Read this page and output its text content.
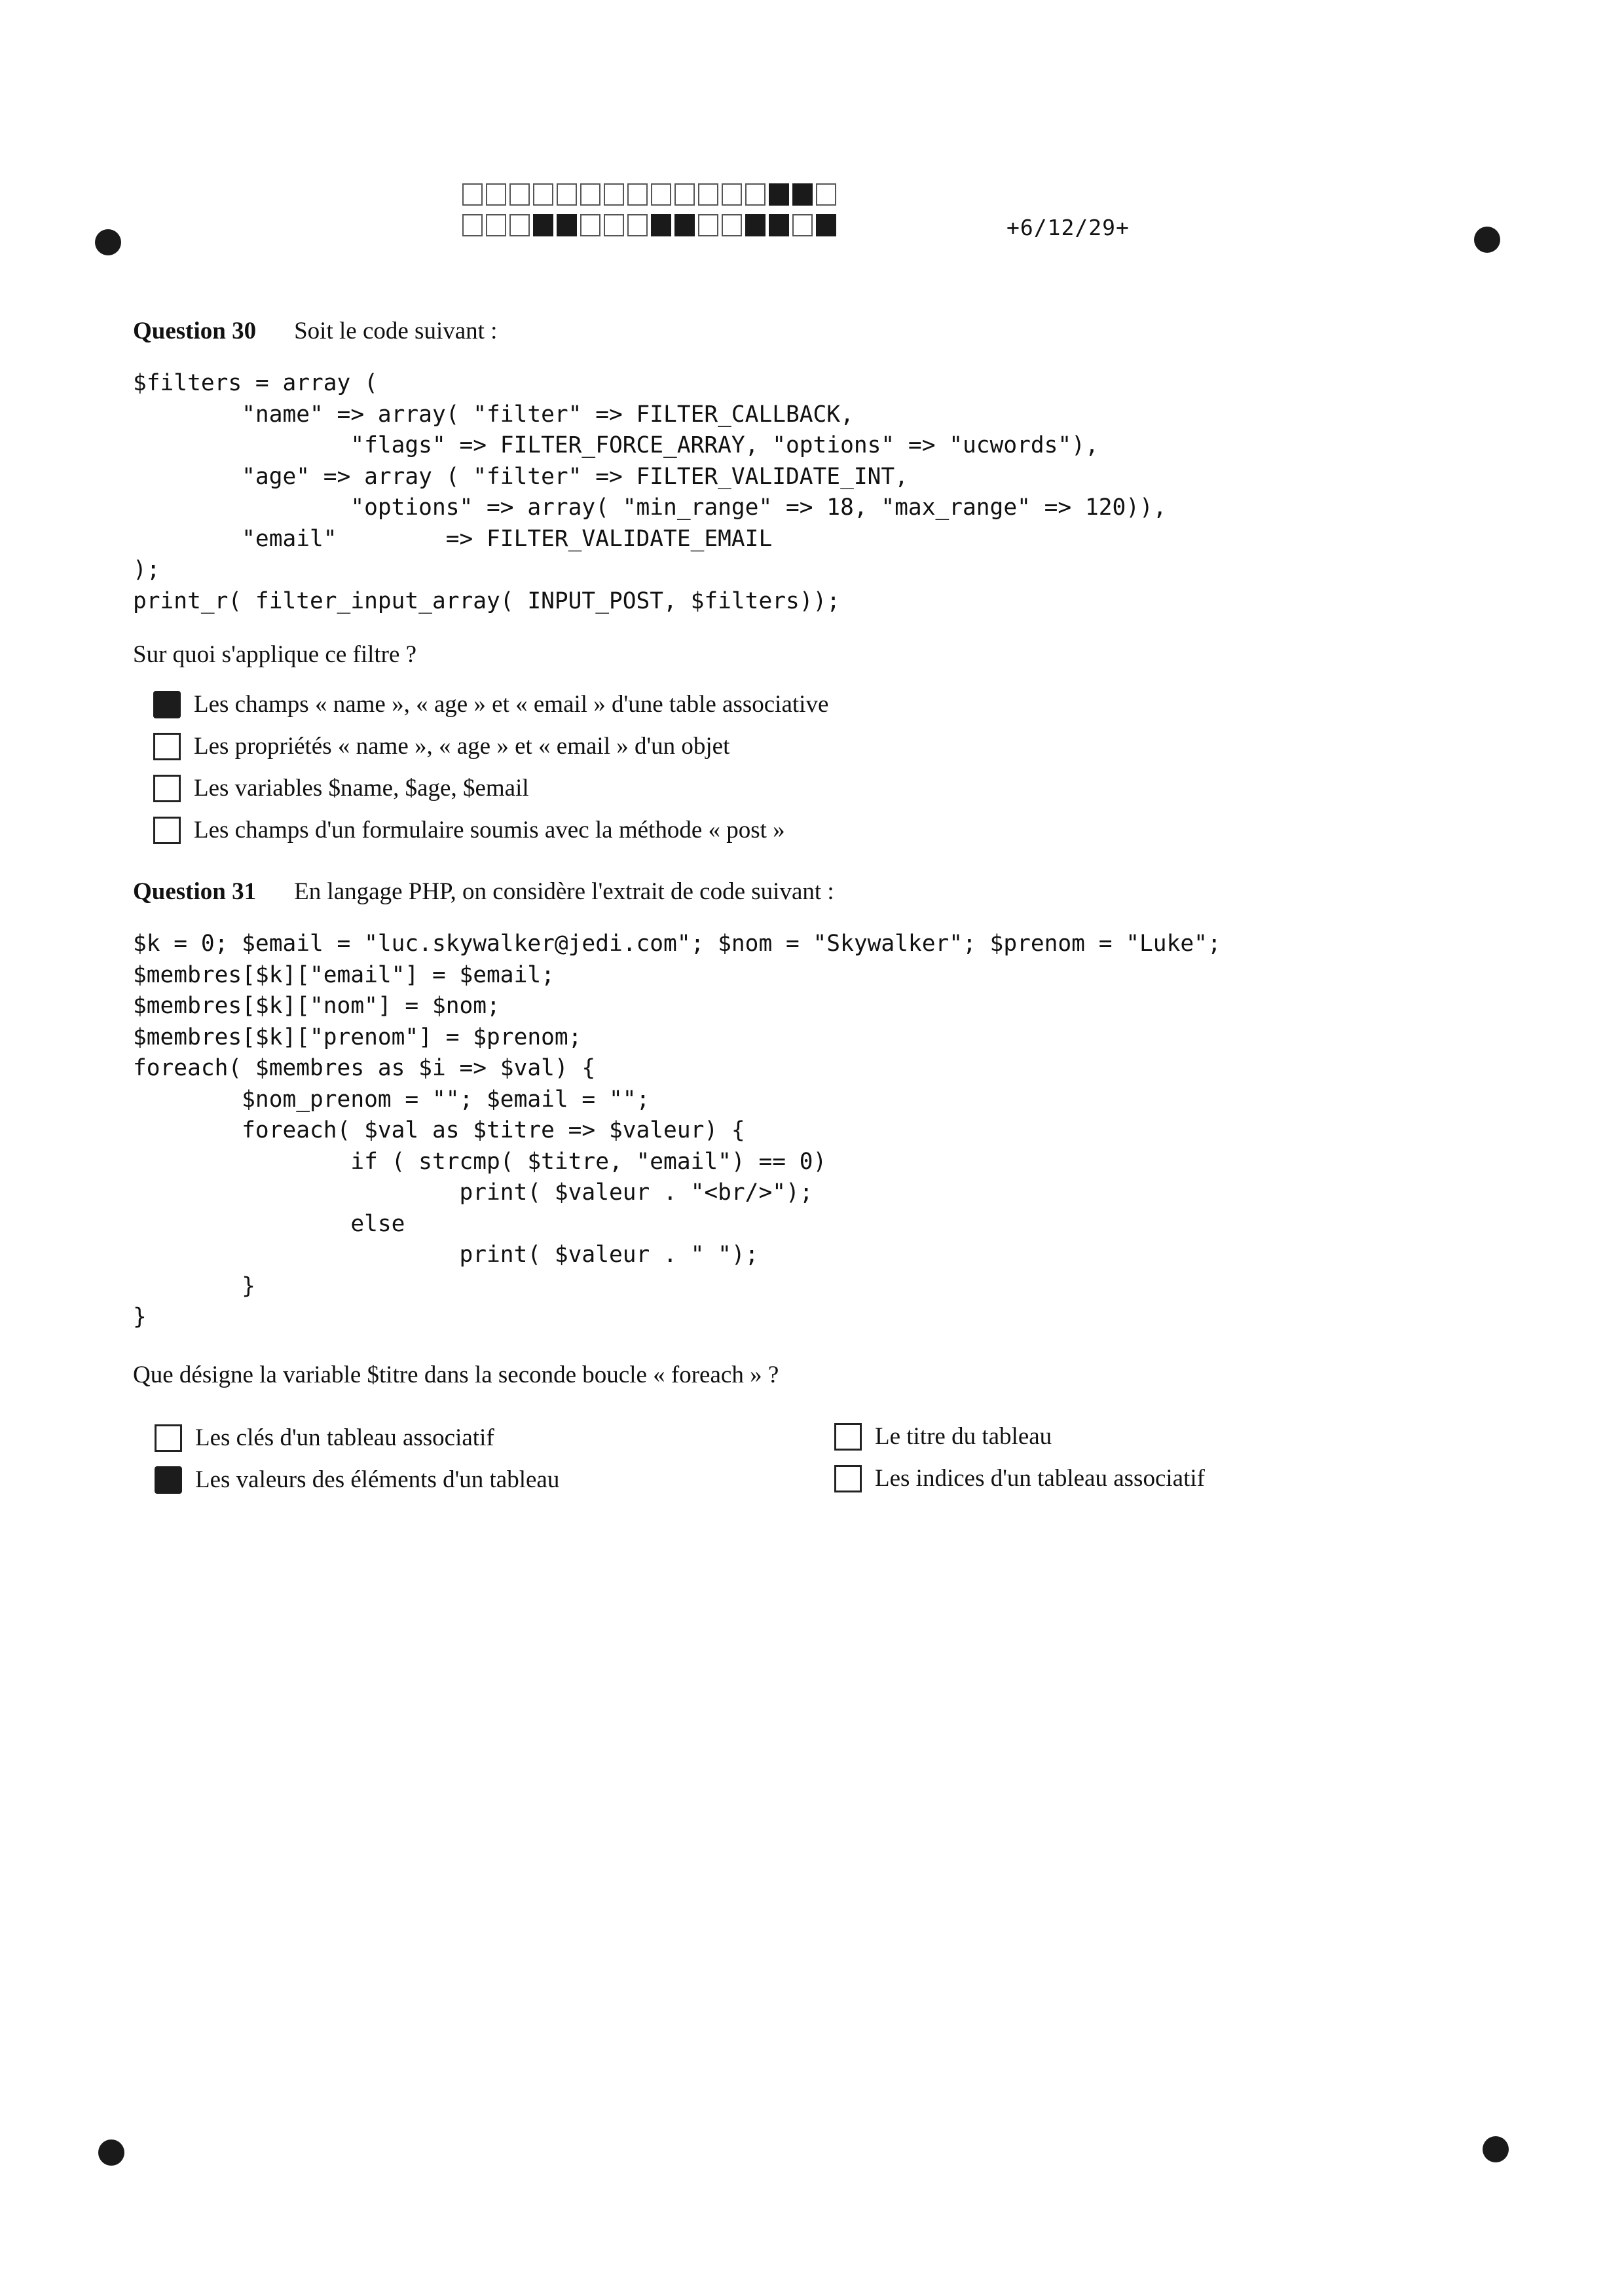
+6/12/29+
Question 30 Soit le code suivant :
$filters = array (
"name" => array( "filter" => FILTER_CALLBACK,
"flags" => FILTER_FORCE_ARRAY, "options" => "ucwords"),
"age" => array ( "filter" => FILTER_VALIDATE_INT,
"options" => array( "min_range" => 18, "max_range" => 120)),
"email"        => FILTER_VALIDATE_EMAIL
);
print_r( filter_input_array( INPUT_POST, $filters));
Sur quoi s'applique ce filtre ?
Les champs « name », « age » et « email » d'une table associative
Les propriétés « name », « age » et « email » d'un objet
Les variables $name, $age, $email
Les champs d'un formulaire soumis avec la méthode « post »
Question 31 En langage PHP, on considère l'extrait de code suivant :
$k = 0; $email = "luc.skywalker@jedi.com"; $nom = "Skywalker"; $prenom = "Luke";
$membres[$k]["email"] = $email;
$membres[$k]["nom"] = $nom;
$membres[$k]["prenom"] = $prenom;
foreach( $membres as $i => $val) {
$nom_prenom = ""; $email = "";
foreach( $val as $titre => $valeur) {
if ( strcmp( $titre, "email") == 0)
print( $valeur . "<br/>");
else
print( $valeur . " ");
}
}
Que désigne la variable $titre dans la seconde boucle « foreach » ?
Les clés d'un tableau associatif
Les valeurs des éléments d'un tableau
Le titre du tableau
Les indices d'un tableau associatif
